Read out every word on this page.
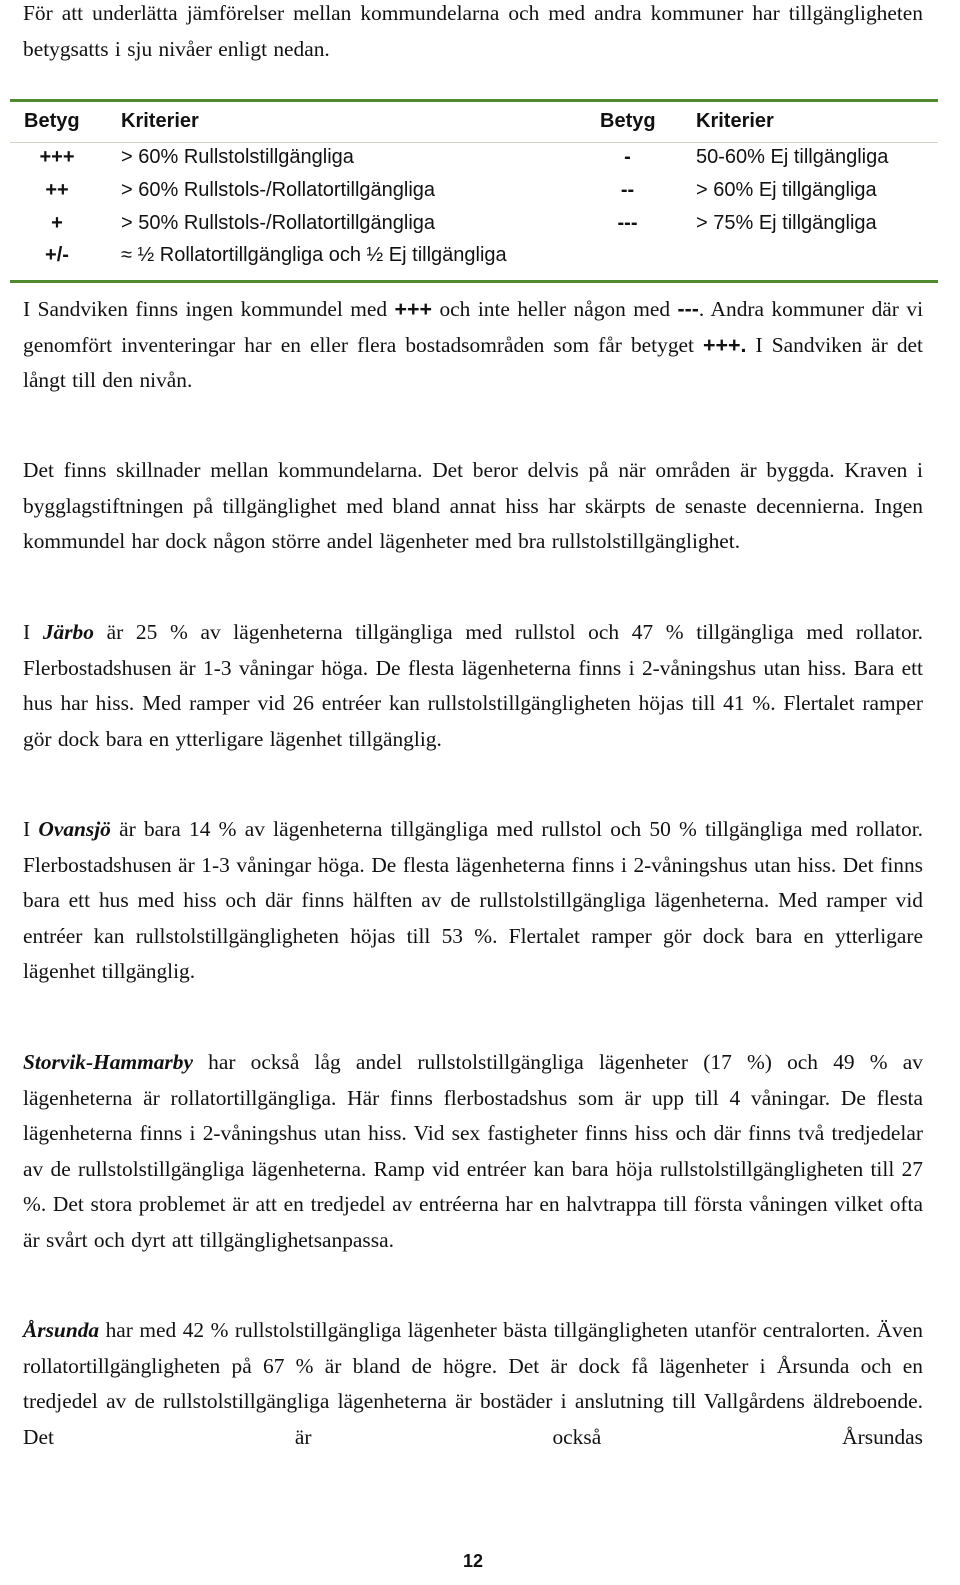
För att underlätta jämförelser mellan kommundelarna och med andra kommuner har tillgängligheten betygsatts i sju nivåer enligt nedan.

Betyg	Kriterier	Betyg Kriterier
+++	> 60% Rullstolstillgängliga	-	50-60% Ej tillgängliga
++	> 60% Rullstols-/Rollatortillgängliga	--	> 60% Ej tillgängliga
+	> 50% Rullstols-/Rollatortillgängliga	---	> 75% Ej tillgängliga
+/-	≈ ½ Rollatortillgängliga och ½ Ej tillgängliga

I Sandviken finns ingen kommundel med +++ och inte heller någon med ---. Andra kommuner där vi genomfört inventeringar har en eller flera bostadsområden som får betyget +++. I Sandviken är det långt till den nivån.

Det finns skillnader mellan kommundelarna. Det beror delvis på när områden är byggda. Kraven i bygglagstiftningen på tillgänglighet med bland annat hiss har skärpts de senaste decennierna. Ingen kommundel har dock någon större andel lägenheter med bra rullstolstillgänglighet.

I Järbo är 25 % av lägenheterna tillgängliga med rullstol och 47 % tillgängliga med rollator. Flerbostadshusen är 1-3 våningar höga. De flesta lägenheterna finns i 2-våningshus utan hiss. Bara ett hus har hiss. Med ramper vid 26 entréer kan rullstolstillgängligheten höjas till 41 %. Flertalet ramper gör dock bara en ytterligare lägenhet tillgänglig.

I Ovansjö är bara 14 % av lägenheterna tillgängliga med rullstol och 50 % tillgängliga med rollator. Flerbostadshusen är 1-3 våningar höga. De flesta lägenheterna finns i 2-våningshus utan hiss. Det finns bara ett hus med hiss och där finns hälften av de rullstolstillgängliga lägenheterna. Med ramper vid entréer kan rullstolstillgängligheten höjas till 53 %. Flertalet ramper gör dock bara en ytterligare lägenhet tillgänglig.

Storvik-Hammarby har också låg andel rullstolstillgängliga lägenheter (17 %) och 49 % av lägenheterna är rollatortillgängliga. Här finns flerbostadshus som är upp till 4 våningar. De flesta lägenheterna finns i 2-våningshus utan hiss. Vid sex fastigheter finns hiss och där finns två tredjedelar av de rullstolstillgängliga lägenheterna. Ramp vid entréer kan bara höja rullstolstillgängligheten till 27 %. Det stora problemet är att en tredjedel av entréerna har en halvtrappa till första våningen vilket ofta är svårt och dyrt att tillgänglighetsanpassa.

Årsunda har med 42 % rullstolstillgängliga lägenheter bästa tillgängligheten utanför centralorten. Även rollatortillgängligheten på 67 % är bland de högre. Det är dock få lägenheter i Årsunda och en tredjedel av de rullstolstillgängliga lägenheterna är bostäder i anslutning till Vallgårdens äldreboende. Det är också Årsundas

12
